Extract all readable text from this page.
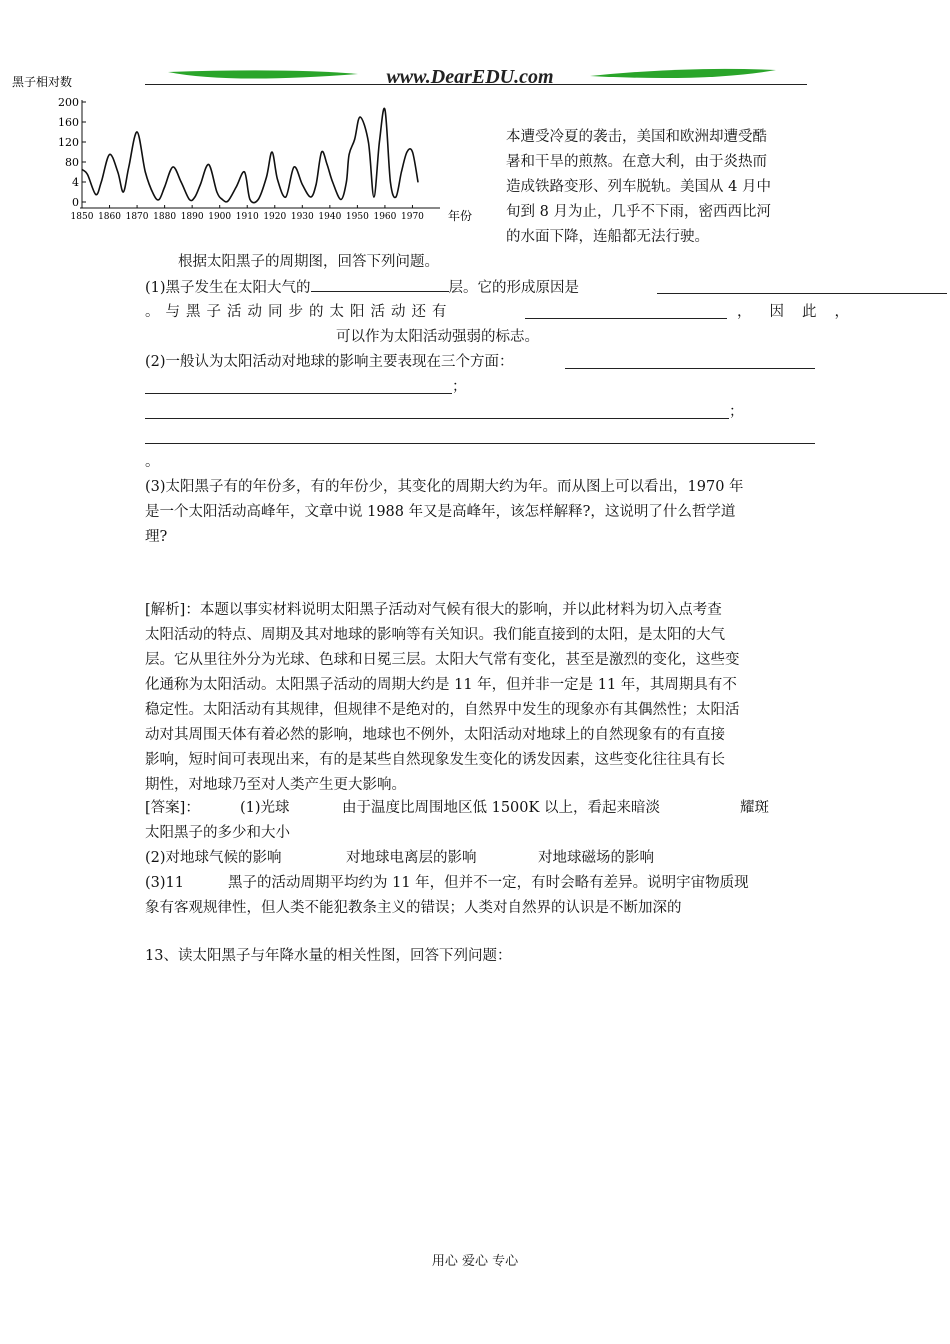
www.DearEDU.com
黑子相对数
年份
200
160
120
80
4
0
1850 1860 1870 1880 1890 1900 1910 1920 1930 1940 1950 1960 1970
本遭受冷夏的袭击，美国和欧洲却遭受酷
暑和干旱的煎熬。在意大利，由于炎热而
造成铁路变形、列车脱轨。美国从 4 月中
旬到 8 月为止，几乎不下雨，密西西比河
的水面下降，连船都无法行驶。
根据太阳黑子的周期图，回答下列问题。
(1)黑子发生在太阳大气的	层。它的形成原因是
。与黑子活动同步的太阳活动还有	，因此，
可以作为太阳活动强弱的标志。
(2)一般认为太阳活动对地球的影响主要表现在三个方面：
；
；
。
(3)太阳黑子有的年份多，有的年份少，其变化的周期大约为年。而从图上可以看出，1970 年
是一个太阳活动高峰年，文章中说 1988 年又是高峰年，该怎样解释?，这说明了什么哲学道
理?
[解析]：本题以事实材料说明太阳黑子活动对气候有很大的影响，并以此材料为切入点考查
太阳活动的特点、周期及其对地球的影响等有关知识。我们能直接到的太阳，是太阳的大气
层。它从里往外分为光球、色球和日冕三层。太阳大气常有变化，甚至是激烈的变化，这些变
化通称为太阳活动。太阳黑子活动的周期大约是 11 年，但并非一定是 11 年，其周期具有不
稳定性。太阳活动有其规律，但规律不是绝对的，自然界中发生的现象亦有其偶然性；太阳活
动对其周围天体有着必然的影响，地球也不例外，太阳活动对地球上的自然现象有的有直接
影响，短时间可表现出来，有的是某些自然现象发生变化的诱发因素，这些变化往往具有长
期性，对地球乃至对人类产生更大影响。
[答案]：	(1)光球	由于温度比周围地区低 1500K 以上，看起来暗淡	耀斑
太阳黑子的多少和大小
(2)对地球气候的影响	对地球电离层的影响	对地球磁场的影响
(3)11	黑子的活动周期平均约为 11 年，但并不一定，有时会略有差异。说明宇宙物质现
象有客观规律性，但人类不能犯教条主义的错误；人类对自然界的认识是不断加深的
13、读太阳黑子与年降水量的相关性图，回答下列问题：
用心 爱心 专心
